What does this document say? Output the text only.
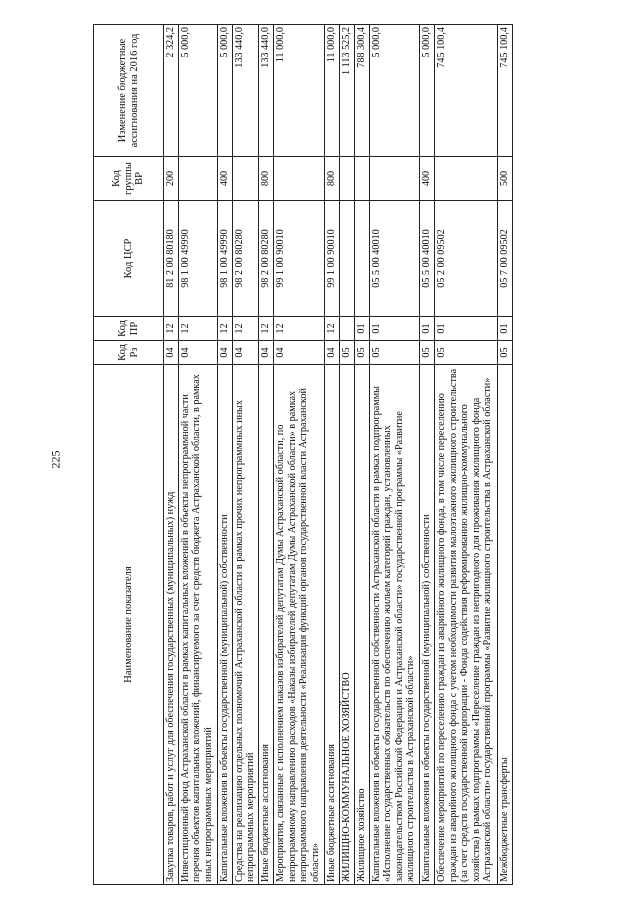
225
Наименование показателя	Код Рз	Код ПР	Код ЦСР	Код группы ВР	Изменение бюджетные ассигнования на 2016 год
Закупка товаров, работ и услуг для обеспечения государственных (муниципальных) нужд	04	12	81 2 00 80180	200	2 324,2
Инвестиционный фонд Астраханской области в рамках капитальных вложений в объекты непрограммной части перечня объектов капитальных вложений, финансируемого за счет средств бюджета Астраханской области, в рамках иных непрограммных мероприятий	04	12	98 1 00 49990		5 000,0
Капитальные вложения в объекты государственной (муниципальной) собственности	04	12	98 1 00 49990	400	5 000,0
Средства на реализацию отдельных полномочий Астраханской области в рамках прочих непрограммных иных непрограммных мероприятий	04	12	98 2 00 80280		133 440,0
Иные бюджетные ассигнования	04	12	98 2 00 80280	800	133 440,0
Мероприятия, связанные с исполнением наказов избирателей депутатам Думы Астраханской области, по непрограммному направлению расходов «Наказы избирателей депутатам Думы Астраханской области» в рамках непрограммного направления деятельности «Реализация функций органов государственной власти Астраханской области»	04	12	99 1 00 90010		11 000,0
Иные бюджетные ассигнования	04	12	99 1 00 90010	800	11 000,0
ЖИЛИЩНО-КОММУНАЛЬНОЕ ХОЗЯЙСТВО	05				1 113 525,2
Жилищное хозяйство	05	01			788 300,4
Капитальные вложения в объекты государственной собственности Астраханской области в рамках подпрограммы «Исполнение государственных обязательств по обеспечению жильем категорий граждан, установленных законодательством Российской Федерации и Астраханской области» государственной программы «Развитие жилищного строительства в Астраханской области»	05	01	05 5 00 40010		5 000,0
Капитальные вложения в объекты государственной (муниципальной) собственности	05	01	05 5 00 40010	400	5 000,0
Обеспечение мероприятий по переселению граждан из аварийного жилищного фонда, в том числе переселению граждан из аварийного жилищного фонда с учетом необходимости развития малоэтажного жилищного строительства (за счет средств государственной корпорации - Фонда содействия реформированию жилищно-коммунального хозяйства) в рамках подпрограммы «Переселение граждан из непригодного для проживания жилищного фонда Астраханской области» государственной программы «Развитие жилищного строительства в Астраханской области»	05	01	05 2 00 09502		745 100,4
Межбюджетные трансферты	05	01	05 7 00 09502	500	745 100,4
